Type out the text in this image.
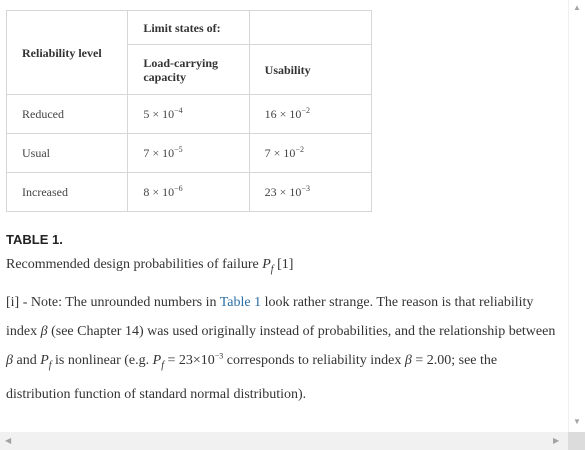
Reliability level	Limit states of:	
	Load-carrying capacity	Usability
Reduced	$5 \times 10^{-4}$	$16 \times 10^{-2}$
Usual	$7 \times 10^{-5}$	$7 \times 10^{-2}$
Increased	$8 \times 10^{-6}$	$23 \times 10^{-3}$
TABLE 1.
Recommended design probabilities of failure $P_f$ [1]
[i] - Note: The unrounded numbers in Table 1 look rather strange. The reason is that reliability index β (see Chapter 14) was used originally instead of probabilities, and the relationship between β and $P_f$ is nonlinear (e.g. $P_f = 23\times 10^{-3}$ corresponds to reliability index β = 2.00; see the distribution function of standard normal distribution).
▲
▼
◀	▶
